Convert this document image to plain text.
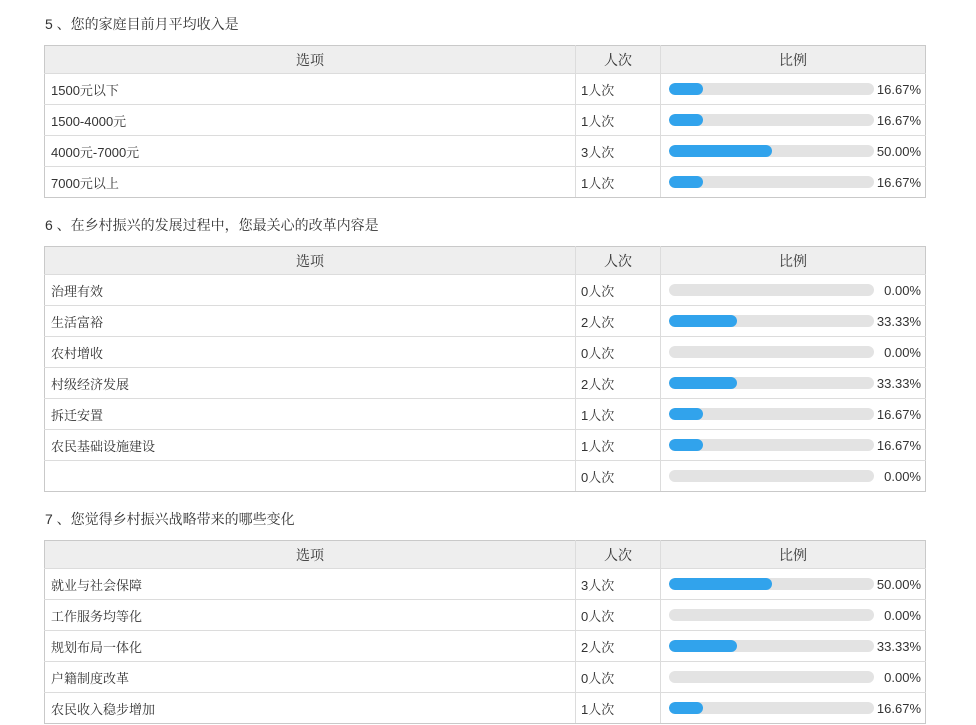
5 、您的家庭目前月平均收入是
选项	人次	比例
1500元以下	1人次	16.67%

1500-4000元	1人次	16.67%

4000元-7000元	3人次	50.00%

7000元以上	1人次	16.67%
6 、在乡村振兴的发展过程中，您最关心的改革内容是
选项	人次	比例
治理有效	0人次	0.00%

生活富裕	2人次	33.33%

农村增收	0人次	0.00%

村级经济发展	2人次	33.33%

拆迁安置	1人次	16.67%

农民基础设施建设	1人次	16.67%

	0人次	0.00%
7 、您觉得乡村振兴战略带来的哪些变化
选项	人次	比例
就业与社会保障	3人次	50.00%

工作服务均等化	0人次	0.00%

规划布局一体化	2人次	33.33%

户籍制度改革	0人次	0.00%

农民收入稳步增加	1人次	16.67%
